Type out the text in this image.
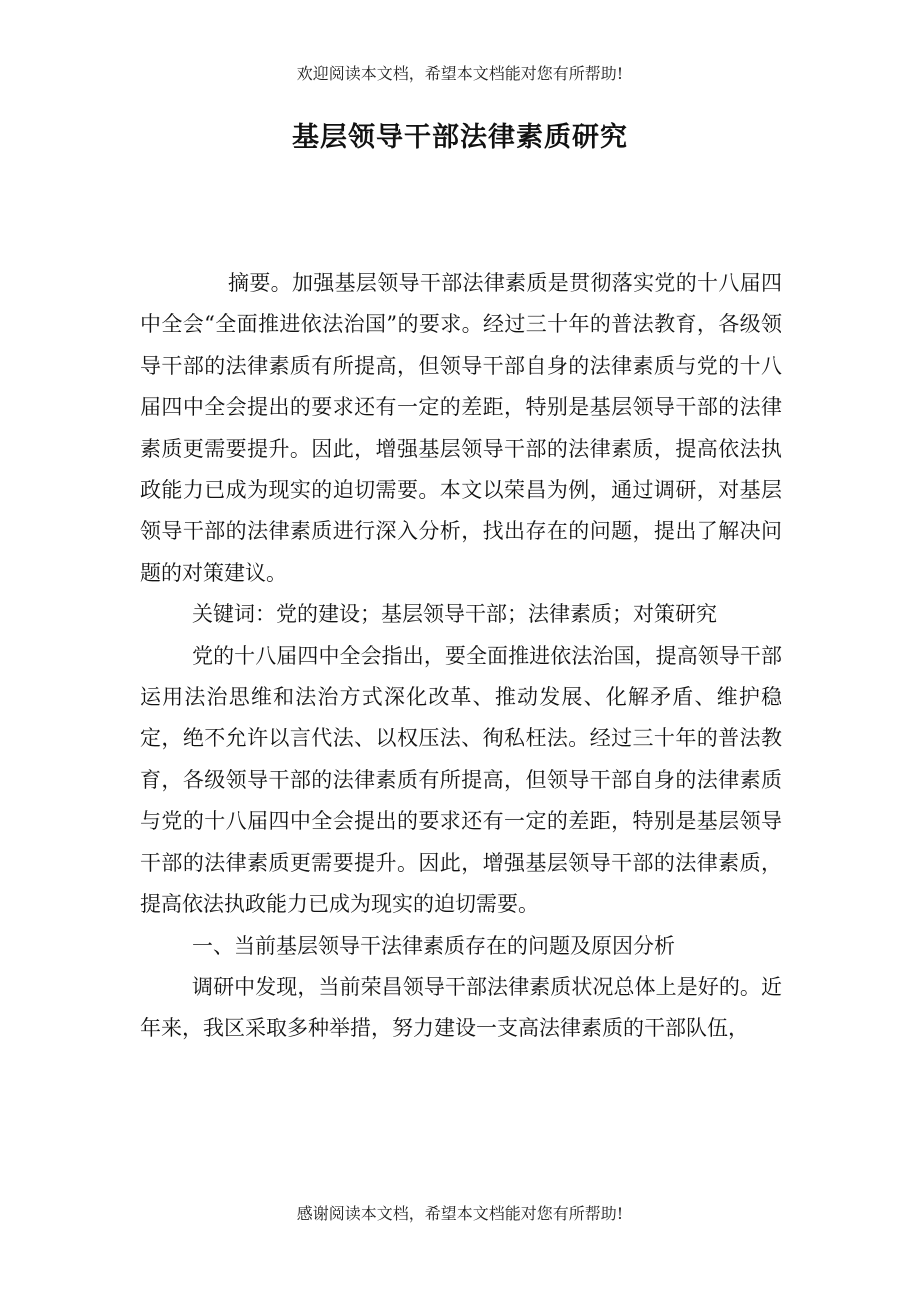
欢迎阅读本文档，希望本文档能对您有所帮助!
基层领导干部法律素质研究

摘要。加强基层领导干部法律素质是贯彻落实党的十八届四中全会“全面推进依法治国”的要求。经过三十年的普法教育，各级领导干部的法律素质有所提高，但领导干部自身的法律素质与党的十八届四中全会提出的要求还有一定的差距，特别是基层领导干部的法律素质更需要提升。因此，增强基层领导干部的法律素质，提高依法执政能力已成为现实的迫切需要。本文以荣昌为例，通过调研，对基层领导干部的法律素质进行深入分析，找出存在的问题，提出了解决问题的对策建议。

关键词：党的建设；基层领导干部；法律素质；对策研究

党的十八届四中全会指出，要全面推进依法治国，提高领导干部运用法治思维和法治方式深化改革、推动发展、化解矛盾、维护稳定，绝不允许以言代法、以权压法、徇私枉法。经过三十年的普法教育，各级领导干部的法律素质有所提高，但领导干部自身的法律素质与党的十八届四中全会提出的要求还有一定的差距，特别是基层领导干部的法律素质更需要提升。因此，增强基层领导干部的法律素质，提高依法执政能力已成为现实的迫切需要。

一、当前基层领导干法律素质存在的问题及原因分析

调研中发现，当前荣昌领导干部法律素质状况总体上是好的。近年来，我区采取多种举措，努力建设一支高法律素质的干部队伍，

感谢阅读本文档，希望本文档能对您有所帮助!
